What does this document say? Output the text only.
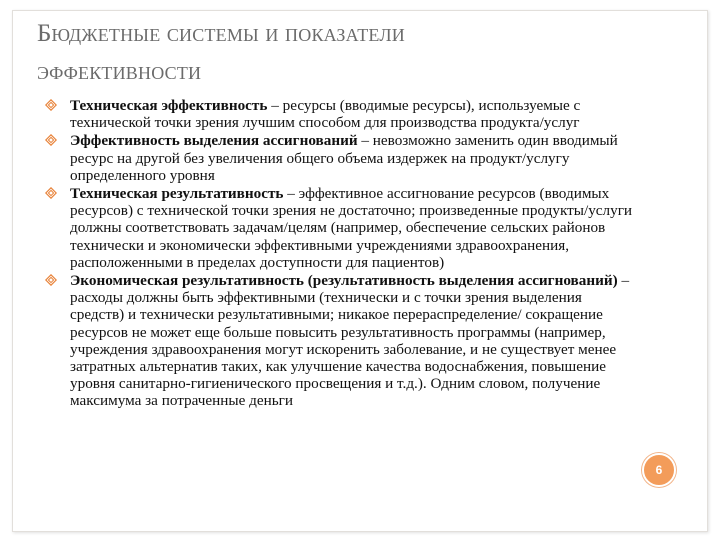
Бюджетные системы и показатели
эффективности
Техническая эффективность – ресурсы (вводимые ресурсы), используемые с технической точки зрения лучшим способом для производства продукта/услуг
Эффективность выделения ассигнований – невозможно заменить один вводимый ресурс на другой без увеличения общего объема издержек на продукт/услугу определенного уровня
Техническая результативность – эффективное ассигнование ресурсов (вводимых ресурсов) с технической точки зрения не достаточно; произведенные продукты/услуги должны соответствовать задачам/целям (например, обеспечение сельских районов технически и экономически эффективными учреждениями здравоохранения, расположенными в пределах доступности для пациентов)
Экономическая результативность (результативность выделения ассигнований) – расходы должны быть эффективными (технически и с точки зрения выделения средств) и технически результативными; никакое перераспределение/ сокращение ресурсов не может еще больше повысить результативность программы (например, учреждения здравоохранения могут искоренить заболевание, и не существует менее затратных альтернатив таких, как улучшение качества водоснабжения, повышение уровня санитарно-гигиенического просвещения и т.д.). Одним словом, получение максимума за потраченные деньги
6
